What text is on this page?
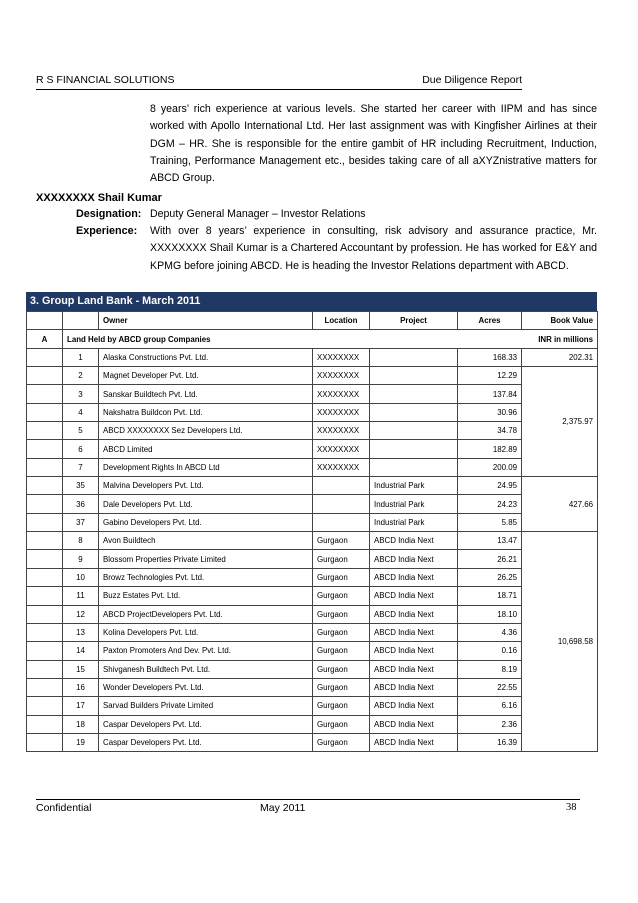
R S FINANCIAL SOLUTIONS	Due Diligence Report
8 years’ rich experience at various levels. She started her career with IIPM and has since worked with Apollo International Ltd. Her last assignment was with Kingfisher Airlines at their DGM – HR. She is responsible for the entire gambit of HR including Recruitment, Induction, Training, Performance Management etc., besides taking care of all aXYZnistrative matters for ABCD Group.
XXXXXXXX Shail Kumar
Designation: Deputy General Manager – Investor Relations
Experience: With over 8 years’ experience in consulting, risk advisory and assurance practice, Mr. XXXXXXXX Shail Kumar is a Chartered Accountant by profession. He has worked for E&Y and KPMG before joining ABCD. He is heading the Investor Relations department with ABCD.
3. Group Land Bank - March 2011
		Owner	Location	Project	Acres	Book Value
A	Land Held by ABCD group Companies					INR in millions
	1	Alaska Constructions Pvt. Ltd.	XXXXXXXX		168.33	202.31
	2	Magnet Developer Pvt. Ltd.	XXXXXXXX		12.29	2,375.97
	3	Sanskar Buildtech Pvt. Ltd.	XXXXXXXX		137.84	
	4	Nakshatra Buildcon Pvt. Ltd.	XXXXXXXX		30.96	
	5	ABCD XXXXXXXX Sez Developers Ltd.	XXXXXXXX		34.78	
	6	ABCD Limited	XXXXXXXX		182.89	
	7	Development Rights In ABCD Ltd	XXXXXXXX		200.09	
	35	Malvina Developers Pvt. Ltd.		Industrial Park	24.95	427.66
	36	Dale Developers Pvt. Ltd.		Industrial Park	24.23	
	37	Gabino Developers Pvt. Ltd.		Industrial Park	5.85	
	8	Avon Buildtech	Gurgaon	ABCD India Next	13.47	10,698.58
	9	Blossom Properties Private Limited	Gurgaon	ABCD India Next	26.21	
	10	Browz Technologies Pvt. Ltd.	Gurgaon	ABCD India Next	26.25	
	11	Buzz Estates Pvt. Ltd.	Gurgaon	ABCD India Next	18.71	
	12	ABCD ProjectDevelopers Pvt. Ltd.	Gurgaon	ABCD India Next	18.10	
	13	Kolina Developers Pvt. Ltd.	Gurgaon	ABCD India Next	4.36	
	14	Paxton Promoters And Dev. Pvt. Ltd.	Gurgaon	ABCD India Next	0.16	
	15	Shivganesh Buildtech Pvt. Ltd.	Gurgaon	ABCD India Next	8.19	
	16	Wonder Developers Pvt. Ltd.	Gurgaon	ABCD India Next	22.55	
	17	Sarvad Builders Private Limited	Gurgaon	ABCD India Next	6.16	
	18	Caspar Developers Pvt. Ltd.	Gurgaon	ABCD India Next	2.36	
	19	Caspar Developers Pvt. Ltd.	Gurgaon	ABCD India Next	16.39	
Confidential	May 2011	38
